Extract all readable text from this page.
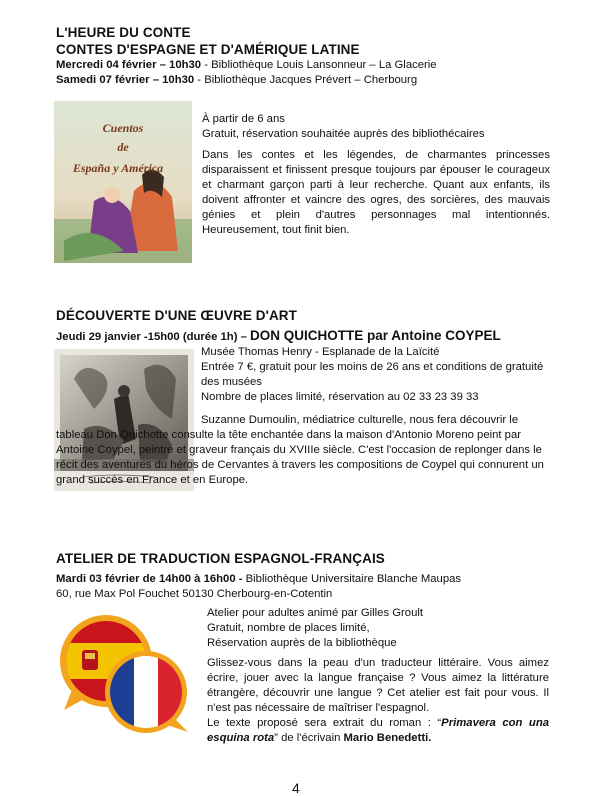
L'HEURE DU CONTE
CONTES D'ESPAGNE ET D'AMÉRIQUE LATINE

Mercredi 04 février – 10h30 - Bibliothèque Louis Lansonneur – La Glacerie

Samedi 07 février – 10h30 - Bibliothèque Jacques Prévert – Cherbourg

Cuentos
de
España y América

À partir de 6 ans

Gratuit, réservation souhaitée auprès des bibliothécaires

Dans les contes et les légendes, de charmantes princesses disparaissent et finissent presque toujours par épouser le courageux et charmant garçon parti à leur recherche. Quant aux enfants, ils doivent affronter et vaincre des ogres, des sorcières, des mauvais génies et plein d'autres personnages mal intentionnés. Heureusement, tout finit bien.

DÉCOUVERTE D'UNE ŒUVRE D'ART

Jeudi 29 janvier -15h00 (durée 1h) – DON QUICHOTTE par Antoine COYPEL

Musée Thomas Henry - Esplanade de la Laïcité

Entrée 7 €, gratuit pour les moins de 26 ans et conditions de gratuité des musées

Nombre de places limité, réservation au 02 33 23 39 33

Suzanne Dumoulin, médiatrice culturelle, nous fera découvrir le tableau Don Quichotte consulte la tête enchantée dans la maison d'Antonio Moreno peint par Antoine Coypel, peintre et graveur français du XVIIIe siècle. C'est l'occasion de replonger dans le récit des aventures du héros de Cervantes à travers les compositions de Coypel qui connurent un grand succès en France et en Europe.

ATELIER DE TRADUCTION ESPAGNOL-FRANÇAIS

Mardi 03 février de 14h00 à 16h00 - Bibliothèque Universitaire Blanche Maupas

60, rue Max Pol Fouchet 50130 Cherbourg-en-Cotentin

Atelier pour adultes animé par Gilles Groult

Gratuit, nombre de places limité,

Réservation auprès de la bibliothèque

Glissez-vous dans la peau d'un traducteur littéraire. Vous aimez écrire, jouer avec la langue française ? Vous aimez la littérature étrangère, découvrir une langue ? Cet atelier est fait pour vous. Il n'est pas nécessaire de maîtriser l'espagnol.

Le texte proposé sera extrait du roman : “Primavera con una esquina rota” de l'écrivain Mario Benedetti.

4
